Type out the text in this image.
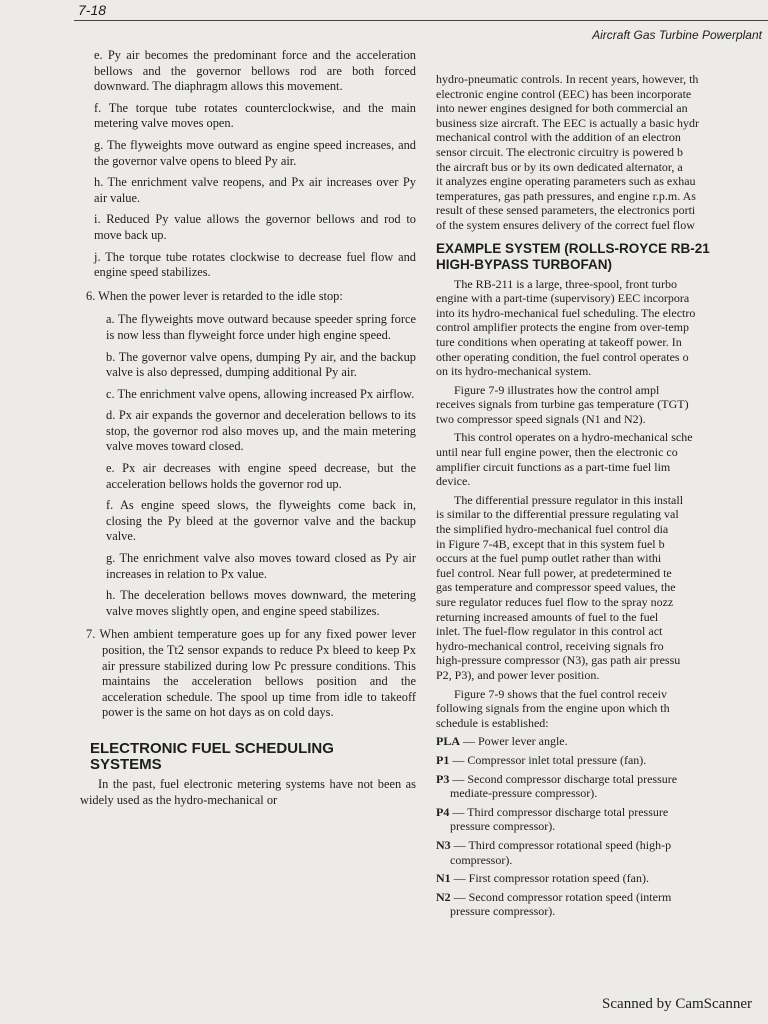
7-18
Aircraft Gas Turbine Powerplant
e. Py air becomes the predominant force and the acceleration bellows and the governor bellows rod are both forced downward. The diaphragm allows this movement.
f. The torque tube rotates counterclockwise, and the main metering valve moves open.
g. The flyweights move outward as engine speed increases, and the governor valve opens to bleed Py air.
h. The enrichment valve reopens, and Px air increases over Py air value.
i. Reduced Py value allows the governor bellows and rod to move back up.
j. The torque tube rotates clockwise to decrease fuel flow and engine speed stabilizes.
6. When the power lever is retarded to the idle stop:
a. The flyweights move outward because speeder spring force is now less than flyweight force under high engine speed.
b. The governor valve opens, dumping Py air, and the backup valve is also depressed, dumping additional Py air.
c. The enrichment valve opens, allowing increased Px airflow.
d. Px air expands the governor and deceleration bellows to its stop, the governor rod also moves up, and the main metering valve moves toward closed.
e. Px air decreases with engine speed decrease, but the acceleration bellows holds the governor rod up.
f. As engine speed slows, the flyweights come back in, closing the Py bleed at the governor valve and the backup valve.
g. The enrichment valve also moves toward closed as Py air increases in relation to Px value.
h. The deceleration bellows moves downward, the metering valve moves slightly open, and engine speed stabilizes.
7. When ambient temperature goes up for any fixed power lever position, the Tt2 sensor expands to reduce Px bleed to keep Px air pressure stabilized during low Pc pressure conditions. This maintains the acceleration bellows position and the acceleration schedule. The spool up time from idle to takeoff power is the same on hot days as on cold days.
ELECTRONIC FUEL SCHEDULING
SYSTEMS
In the past, fuel electronic metering systems have not been as widely used as the hydro-mechanical or
hydro-pneumatic controls. In recent years, however, th
electronic engine control (EEC) has been incorporate
into newer engines designed for both commercial an
business size aircraft. The EEC is actually a basic hydr
mechanical control with the addition of an electron
sensor circuit. The electronic circuitry is powered b
the aircraft bus or by its own dedicated alternator, a
it analyzes engine operating parameters such as exhau
temperatures, gas path pressures, and engine r.p.m. As
result of these sensed parameters, the electronics porti
of the system ensures delivery of the correct fuel flow
EXAMPLE SYSTEM (ROLLS-ROYCE RB-21
HIGH-BYPASS TURBOFAN)
The RB-211 is a large, three-spool, front turbo
engine with a part-time (supervisory) EEC incorpora
into its hydro-mechanical fuel scheduling. The electro
control amplifier protects the engine from over-temp
ture conditions when operating at takeoff power. In
other operating condition, the fuel control operates o
on its hydro-mechanical system.
Figure 7-9 illustrates how the control ampl
receives signals from turbine gas temperature (TGT)
two compressor speed signals (N1 and N2).
This control operates on a hydro-mechanical sche
until near full engine power, then the electronic co
amplifier circuit functions as a part-time fuel lim
device.
The differential pressure regulator in this install
is similar to the differential pressure regulating val
the simplified hydro-mechanical fuel control dia
in Figure 7-4B, except that in this system fuel b
occurs at the fuel pump outlet rather than withi
fuel control. Near full power, at predetermined te
gas temperature and compressor speed values, the
sure regulator reduces fuel flow to the spray nozz
returning increased amounts of fuel to the fuel
inlet. The fuel-flow regulator in this control act
hydro-mechanical control, receiving signals fro
high-pressure compressor (N3), gas path air pressu
P2, P3), and power lever position.
Figure 7-9 shows that the fuel control receiv
following signals from the engine upon which th
schedule is established:
PLA — Power lever angle.
P1 — Compressor inlet total pressure (fan).
P3 — Second compressor discharge total pressure
mediate-pressure compressor).
P4 — Third compressor discharge total pressure
pressure compressor).
N3 — Third compressor rotational speed (high-p
compressor).
N1 — First compressor rotation speed (fan).
N2 — Second compressor rotation speed (interm
pressure compressor).
Scanned by CamScanner
